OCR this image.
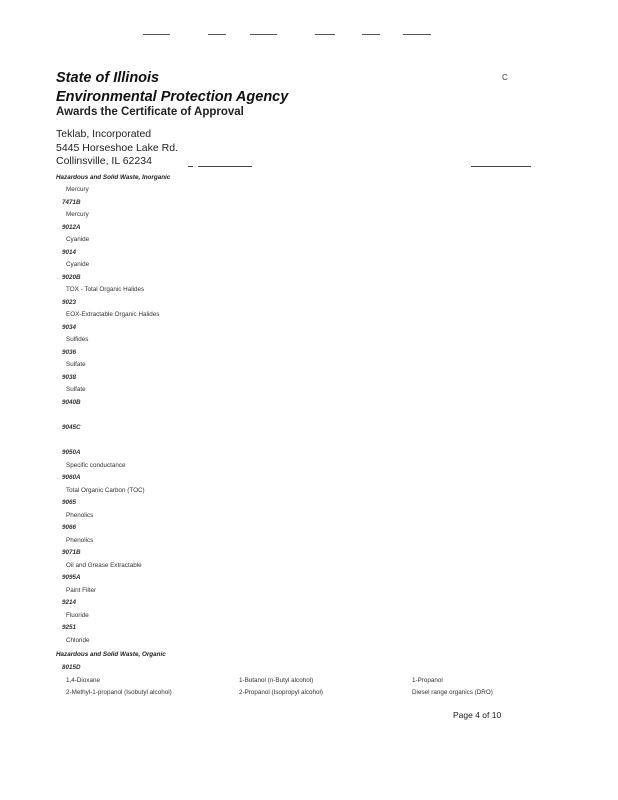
State of Illinois
Environmental Protection Agency
Awards the Certificate of Approval
C
Teklab, Incorporated
5445 Horseshoe Lake Rd.
Collinsville, IL 62234
Hazardous and Solid Waste, Inorganic
Mercury
7471B
Mercury
9012A
Cyanide
9014
Cyanide
9020B
TOX - Total Organic Halides
9023
EOX-Extractable Organic Halides
9034
Sulfides
9036
Sulfate
9038
Sulfate
9040B
9045C
9050A
Specific conductance
9060A
Total Organic Carbon (TOC)
9065
Phenolics
9066
Phenolics
9071B
Oil and Grease Extractable
9095A
Paint Filter
9214
Fluoride
9251
Chloride
Hazardous and Solid Waste, Organic
8015D
1,4-Dioxane	1-Butanol (n-Butyl alcohol)	1-Propanol
2-Methyl-1-propanol (Isobutyl alcohol)	2-Propanol (Isopropyl alcohol)	Diesel range organics (DRO)
Page 4 of 10
